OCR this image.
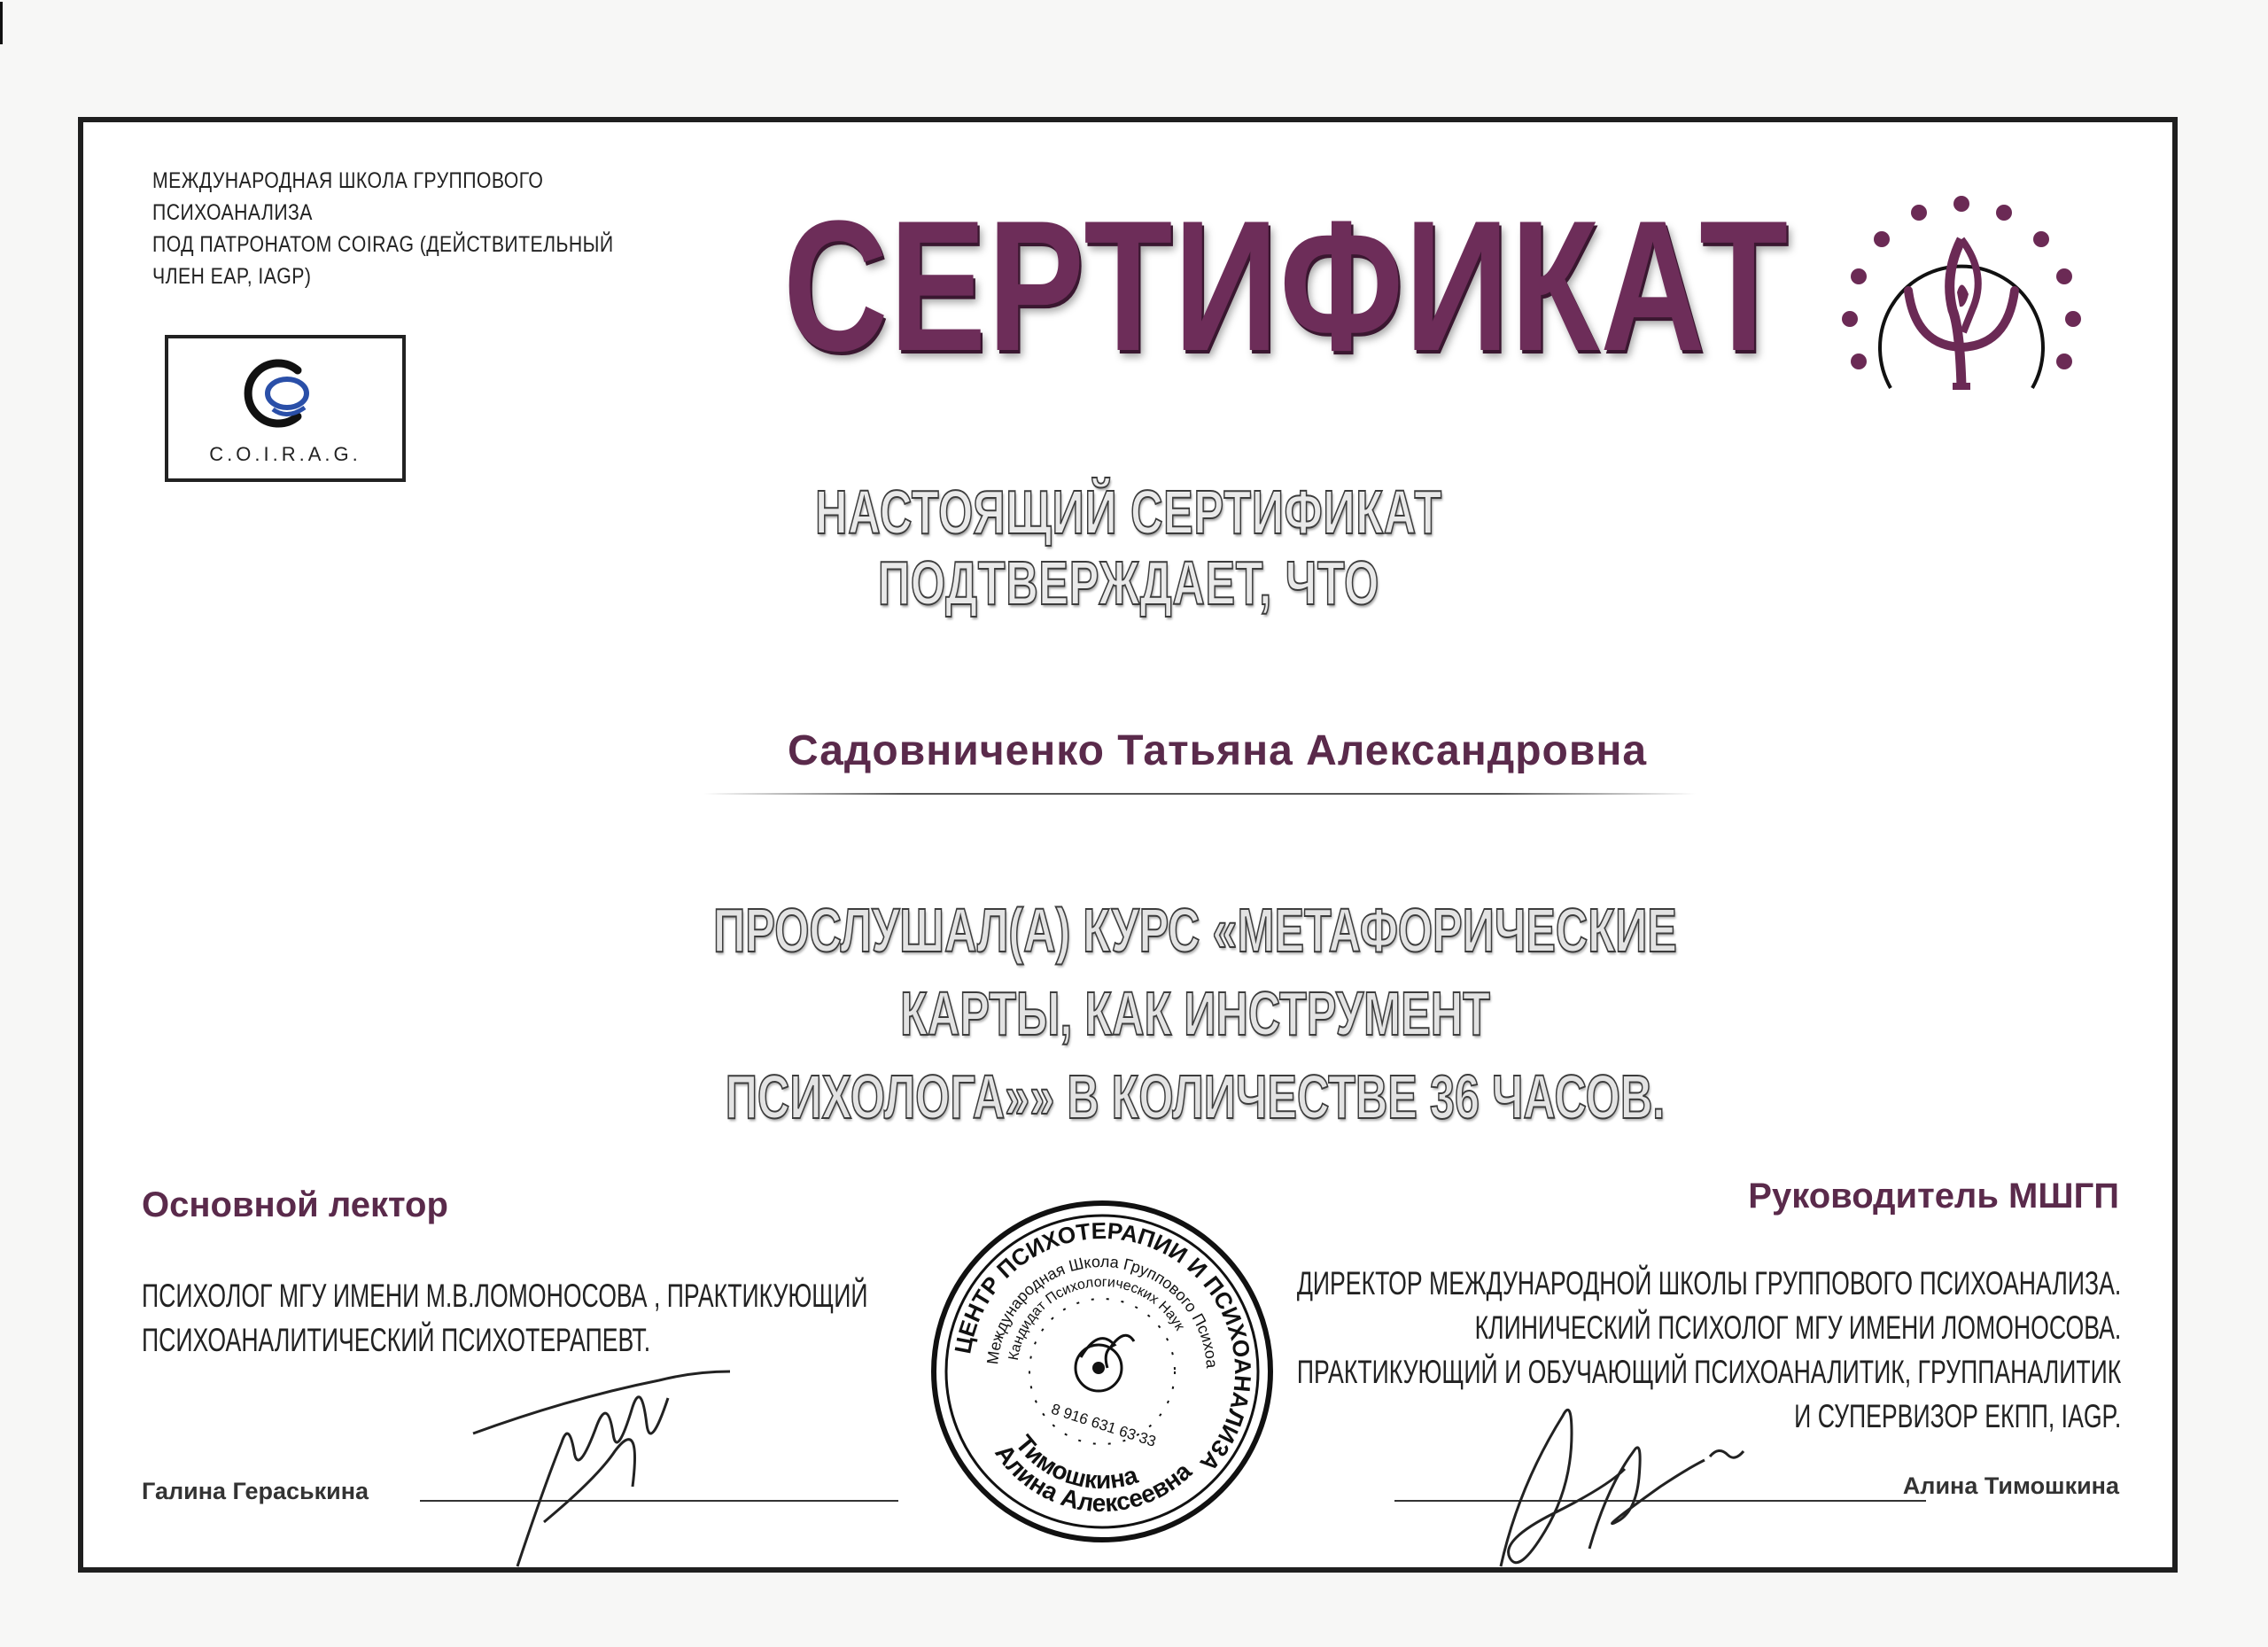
МЕЖДУНАРОДНАЯ ШКОЛА ГРУППОВОГО
ПСИХОАНАЛИЗА
ПОД ПАТРОНАТОМ COIRAG (ДЕЙСТВИТЕЛЬНЫЙ
ЧЛЕН EAP, IAGP)
C.O.I.R.A.G.
СЕРТИФИКАТ
НАСТОЯЩИЙ СЕРТИФИКАТ ПОДТВЕРЖДАЕТ, ЧТО
Садовниченко Татьяна Александровна
ПРОСЛУШАЛ(А) КУРС «МЕТАФОРИЧЕСКИЕ КАРТЫ, КАК ИНСТРУМЕНТ
ПСИХОЛОГА»» В КОЛИЧЕСТВЕ 36 ЧАСОВ.
Основной лектор
ПСИХОЛОГ МГУ ИМЕНИ М.В.ЛОМОНОСОВА , ПРАКТИКУЮЩИЙ
ПСИХОАНАЛИТИЧЕСКИЙ ПСИХОТЕРАПЕВТ.
Галина Гераськина
Руководитель МШГП
ДИРЕКТОР МЕЖДУНАРОДНОЙ ШКОЛЫ ГРУППОВОГО ПСИХОАНАЛИЗА.
КЛИНИЧЕСКИЙ ПСИХОЛОГ МГУ ИМЕНИ ЛОМОНОСОВА.
ПРАКТИКУЮЩИЙ И ОБУЧАЮЩИЙ ПСИХОАНАЛИТИК, ГРУППАНАЛИТИК
И СУПЕРВИЗОР ЕКПП, IAGP.
Алина Тимошкина
ЦЕНТР ПСИХОТЕРАПИИ И ПСИХОАНАЛИЗА
Международная Школа Группового Психоа
Кандидат Психологических Наук
Тимошкина
Алина Алексеевна
8 916 631 63 33
